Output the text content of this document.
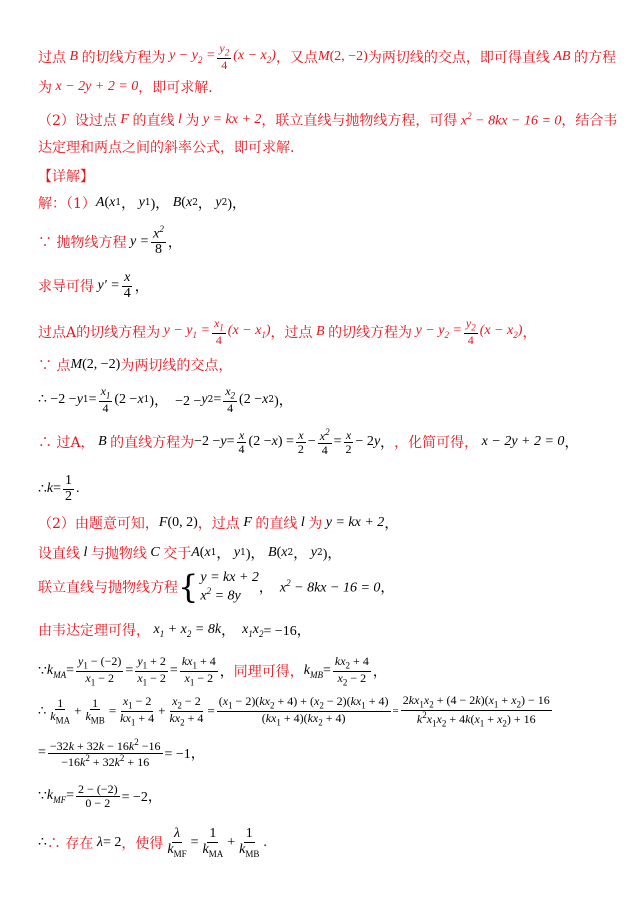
过点 B 的切线方程为 $y - y_2 = \frac{y_2}{4} (x - x_2)$ ，又点 M (2, −2) 为两切线的交点，即可得直线 AB 的方程
为 x − 2y + 2 = 0 ，即可求解.
（2）设过点 F 的直线 l 为 y = kx + 2 ，联立直线与抛物线方程，可得 $x^2 - 8kx - 16 = 0$ ，结合韦
达定理和两点之间的斜率公式，即可求解.
【详解】
解：（1） A ( x 1 ， y 1 )， B ( x 2 ， y 2 )，
∵ 抛物线方程 $y = \frac{x^2}{8}$ ，
求导可得 $y' = \frac{x}{4}$ ，
过点A的切线方程为 $y - y_1 = \frac{x_1}{4} (x - x_1)$ ，过点 B 的切线方程为 $y - y_2 = \frac{y_2}{4} (x - x_2)$ ，
∵ 点 M (2, −2) 为两切线的交点，
∴ −2 − y $1 = \frac{x_1}{4} (2 - x$ 1 )，  −2 − y $2 = \frac{x_2}{4} (2 - x$ 2 )，
∴ 过A， B 的直线方程为 $-2 - y = \frac{x}{4} (2 - x$ ) = $\frac{x}{2} - \frac{x^2}{4} = \frac{x}{2} - 2$ y ， ，化简可得， x − 2y + 2 = 0 ，
∴ $k = \frac{1}{2}$ .
（2）由题意可知， F (0, 2) ，过点 F 的直线 l 为 y = kx + 2 ，
设直线 l 与抛物线 C 交于 A ( x 1 ， y 1 )， B ( x 2 ， y 2 )，
联立直线与抛物线方程 { y = kx + 2
$x^2 = 8y$	， $x^2 - 8kx - 16 = 0$ ，
由韦达定理可得， $x_1 + x_2 = 8k$ ， $x_1x_2 = -16$，
∵ $k_{MA} = \frac{y_1 - (-2)}{x_1 - 2} = \frac{y_1 + 2}{x_1 - 2} = \frac{kx_1 + 4}{x_1 - 2}$ ， 同理可得， $k_{MB} = \frac{kx_2 + 4}{x_2 - 2}$ ，
∴ $\frac{1}{k_{MA}} + \frac{1}{k_{MB}} = \frac{x_1 - 2}{kx_1 + 4} + \frac{x_2 - 2}{kx_2 + 4} = \frac{(x_1 - 2)(kx_2 + 4) + (x_2 - 2)(kx_1 + 4)}{(kx_1 + 4)(kx_2 + 4)} = \frac{2kx_1x_2 + (4 - 2k)(x_1 + x_2) - 16}{k^2x_1x_2 + 4k(x_1 + x_2) + 16}$
= $\frac{-32k + 32k - 16k^2 -16}{-16k^2 + 32k^2 + 16} = -1$，
∵ $k_{MF} = \frac{2 - (-2)}{0 - 2} = -2$，
∴ ∴ 存在 λ = 2 ，使得 $\frac{\lambda}{k_{MF}} = \frac{1}{k_{MA}} + \frac{1}{k_{MB}}$ .
